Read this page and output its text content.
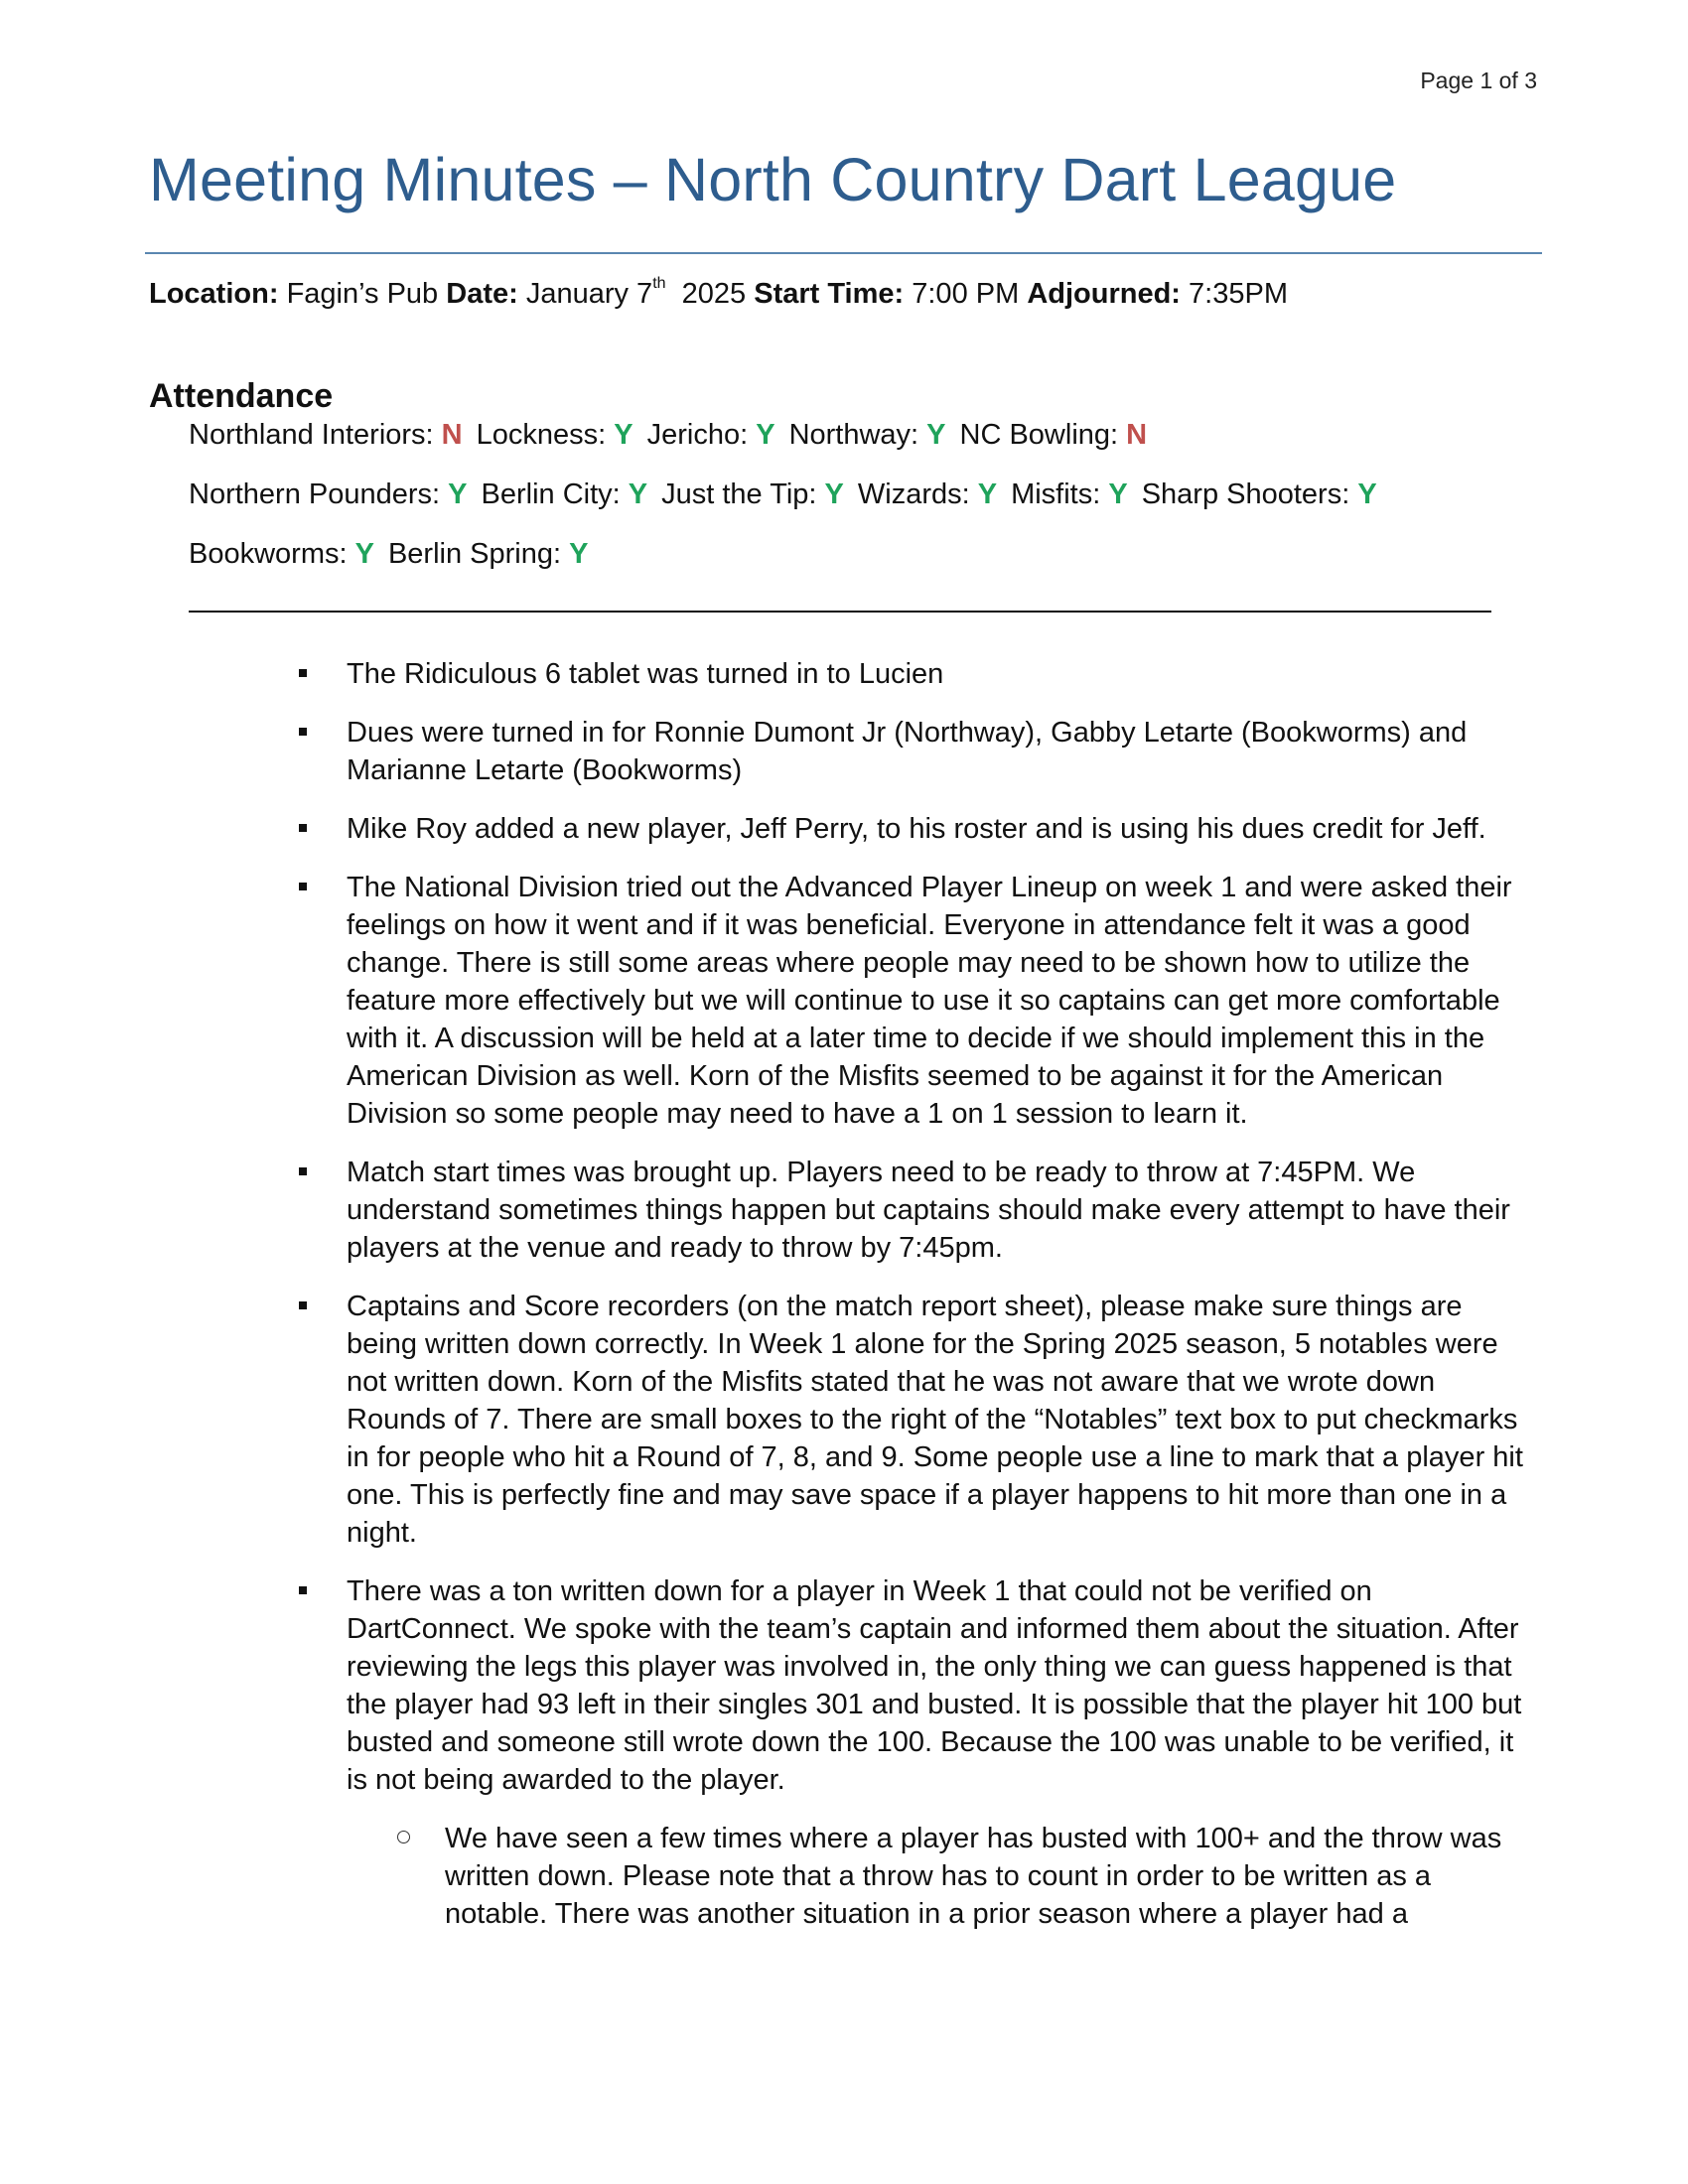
Page 1 of 3
Meeting Minutes – North Country Dart League
Location: Fagin’s Pub Date: January 7th 2025 Start Time: 7:00 PM Adjourned: 7:35PM
Attendance
Northland Interiors: N Lockness: Y Jericho: Y Northway: Y NC Bowling: N
Northern Pounders: Y Berlin City: Y Just the Tip: Y Wizards: Y Misfits: Y Sharp Shooters: Y
Bookworms: Y Berlin Spring: Y
The Ridiculous 6 tablet was turned in to Lucien
Dues were turned in for Ronnie Dumont Jr (Northway), Gabby Letarte (Bookworms) and Marianne Letarte (Bookworms)
Mike Roy added a new player, Jeff Perry, to his roster and is using his dues credit for Jeff.
The National Division tried out the Advanced Player Lineup on week 1 and were asked their feelings on how it went and if it was beneficial. Everyone in attendance felt it was a good change. There is still some areas where people may need to be shown how to utilize the feature more effectively but we will continue to use it so captains can get more comfortable with it. A discussion will be held at a later time to decide if we should implement this in the American Division as well. Korn of the Misfits seemed to be against it for the American Division so some people may need to have a 1 on 1 session to learn it.
Match start times was brought up. Players need to be ready to throw at 7:45PM. We understand sometimes things happen but captains should make every attempt to have their players at the venue and ready to throw by 7:45pm.
Captains and Score recorders (on the match report sheet), please make sure things are being written down correctly. In Week 1 alone for the Spring 2025 season, 5 notables were not written down. Korn of the Misfits stated that he was not aware that we wrote down Rounds of 7. There are small boxes to the right of the “Notables” text box to put checkmarks in for people who hit a Round of 7, 8, and 9. Some people use a line to mark that a player hit one. This is perfectly fine and may save space if a player happens to hit more than one in a night.
There was a ton written down for a player in Week 1 that could not be verified on DartConnect. We spoke with the team’s captain and informed them about the situation. After reviewing the legs this player was involved in, the only thing we can guess happened is that the player had 93 left in their singles 301 and busted. It is possible that the player hit 100 but busted and someone still wrote down the 100. Because the 100 was unable to be verified, it is not being awarded to the player.
We have seen a few times where a player has busted with 100+ and the throw was written down. Please note that a throw has to count in order to be written as a notable. There was another situation in a prior season where a player had a
